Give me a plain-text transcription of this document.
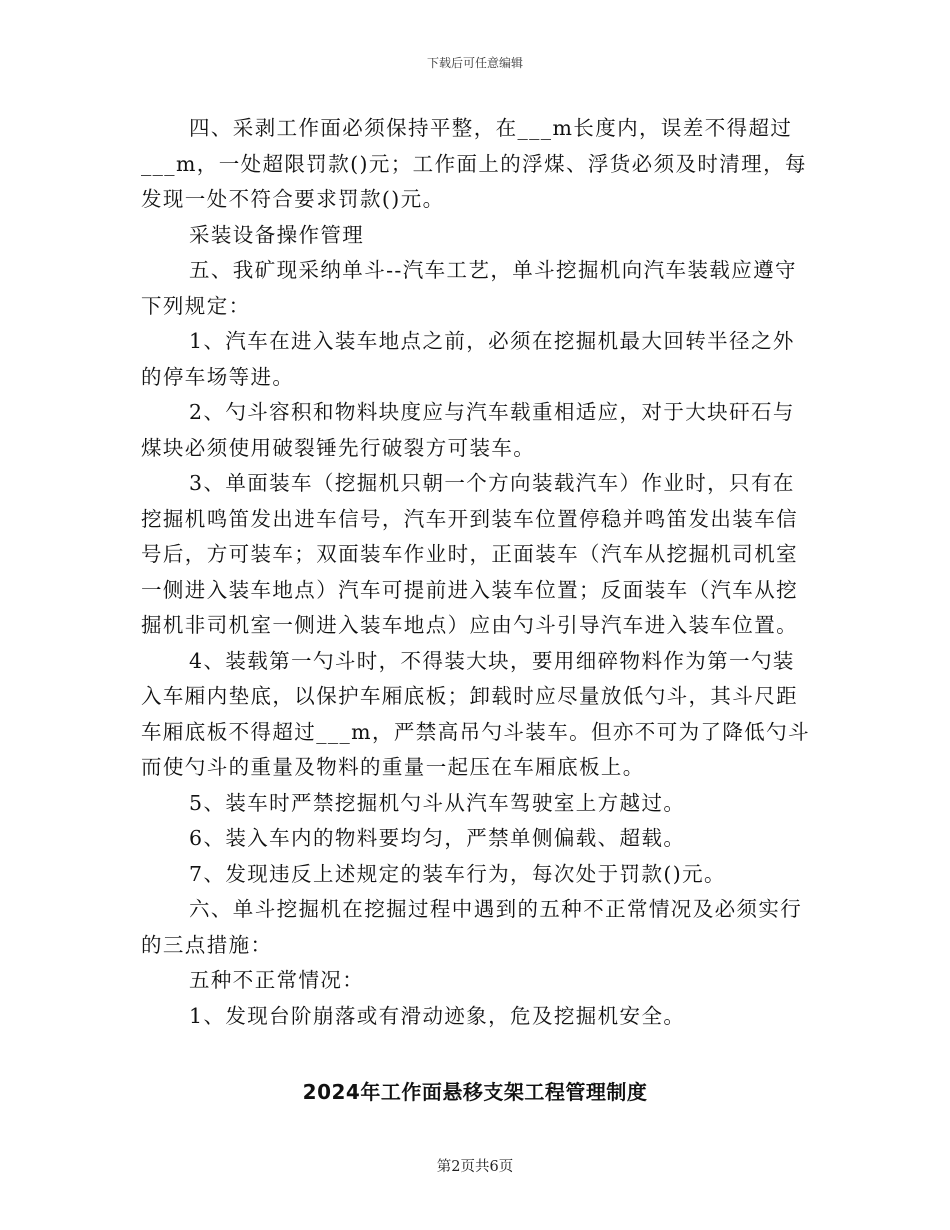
下载后可任意编辑

四、采剥工作面必须保持平整，在___m长度内，误差不得超过___m，一处超限罚款()元；工作面上的浮煤、浮货必须及时清理，每发现一处不符合要求罚款()元。

采装设备操作管理

五、我矿现采纳单斗--汽车工艺，单斗挖掘机向汽车装载应遵守下列规定：

1、汽车在进入装车地点之前，必须在挖掘机最大回转半径之外的停车场等进。

2、勺斗容积和物料块度应与汽车载重相适应，对于大块矸石与煤块必须使用破裂锤先行破裂方可装车。

3、单面装车（挖掘机只朝一个方向装载汽车）作业时，只有在挖掘机鸣笛发出进车信号，汽车开到装车位置停稳并鸣笛发出装车信号后，方可装车；双面装车作业时，正面装车（汽车从挖掘机司机室一侧进入装车地点）汽车可提前进入装车位置；反面装车（汽车从挖掘机非司机室一侧进入装车地点）应由勺斗引导汽车进入装车位置。

4、装载第一勺斗时，不得装大块，要用细碎物料作为第一勺装入车厢内垫底，以保护车厢底板；卸载时应尽量放低勺斗，其斗尺距车厢底板不得超过___m，严禁高吊勺斗装车。但亦不可为了降低勺斗而使勺斗的重量及物料的重量一起压在车厢底板上。

5、装车时严禁挖掘机勺斗从汽车驾驶室上方越过。

6、装入车内的物料要均匀，严禁单侧偏载、超载。

7、发现违反上述规定的装车行为，每次处于罚款()元。

六、单斗挖掘机在挖掘过程中遇到的五种不正常情况及必须实行的三点措施：

五种不正常情况：

1、发现台阶崩落或有滑动迹象，危及挖掘机安全。

2024年工作面悬移支架工程管理制度
第2页共6页
